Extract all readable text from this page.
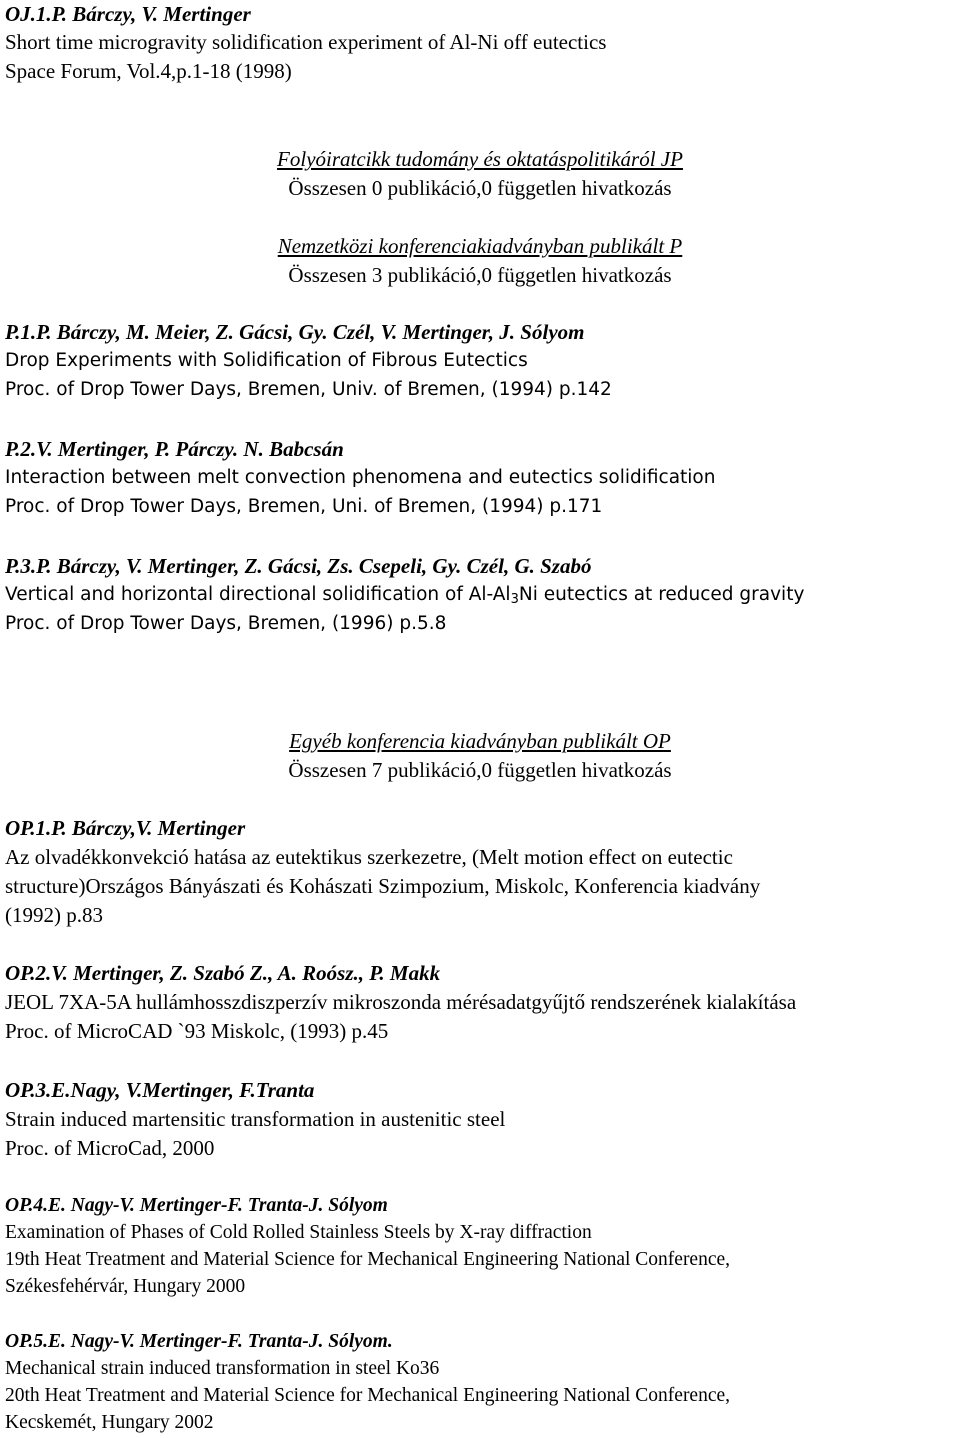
OJ.1.P. Bárczy, V. Mertinger
Short time microgravity solidification experiment of Al-Ni off eutectics
Space Forum, Vol.4,p.1-18 (1998)
Folyóiratcikk tudomány és oktatáspolitikáról JP
Összesen 0 publikáció,0 független hivatkozás
Nemzetközi konferenciakiadványban publikált P
Összesen 3 publikáció,0 független hivatkozás
P.1.P. Bárczy, M. Meier, Z. Gácsi, Gy. Czél, V. Mertinger, J. Sólyom
Drop Experiments with Solidification of Fibrous Eutectics
Proc. of Drop Tower Days, Bremen, Univ. of Bremen, (1994) p.142
P.2.V. Mertinger, P. Párczy. N. Babcsán
Interaction between melt convection phenomena and eutectics solidification
Proc. of Drop Tower Days, Bremen, Uni. of Bremen, (1994) p.171
P.3.P. Bárczy, V. Mertinger, Z. Gácsi, Zs. Csepeli, Gy. Czél, G. Szabó
Vertical and horizontal directional solidification of $Al-Al_3Ni$ eutectics at reduced gravity
Proc. of Drop Tower Days, Bremen, (1996) p.5.8
Egyéb konferencia kiadványban publikált OP
Összesen 7 publikáció,0 független hivatkozás
OP.1.P. Bárczy,V. Mertinger
Az olvadékkonvekció hatása az eutektikus szerkezetre, (Melt motion effect on eutectic
structure)Országos Bányászati és Kohászati Szimpozium, Miskolc, Konferencia kiadvány
(1992) p.83
OP.2.V. Mertinger, Z. Szabó Z., A. Roósz., P. Makk
JEOL 7XA-5A hullámhosszdiszperzív mikroszonda mérésadatgyűjtő rendszerének kialakítása
Proc. of MicroCAD `93 Miskolc, (1993) p.45
OP.3.E.Nagy, V.Mertinger, F.Tranta
Strain induced martensitic transformation in austenitic steel
Proc. of MicroCad, 2000
OP.4.E. Nagy-V. Mertinger-F. Tranta-J. Sólyom
Examination of Phases of Cold Rolled Stainless Steels by X-ray diffraction
19th Heat Treatment and Material Science for Mechanical Engineering National Conference,
Székesfehérvár, Hungary 2000
OP.5.E. Nagy-V. Mertinger-F. Tranta-J. Sólyom.
Mechanical strain induced transformation in steel Ko36
20th Heat Treatment and Material Science for Mechanical Engineering National Conference,
Kecskemét, Hungary 2002
